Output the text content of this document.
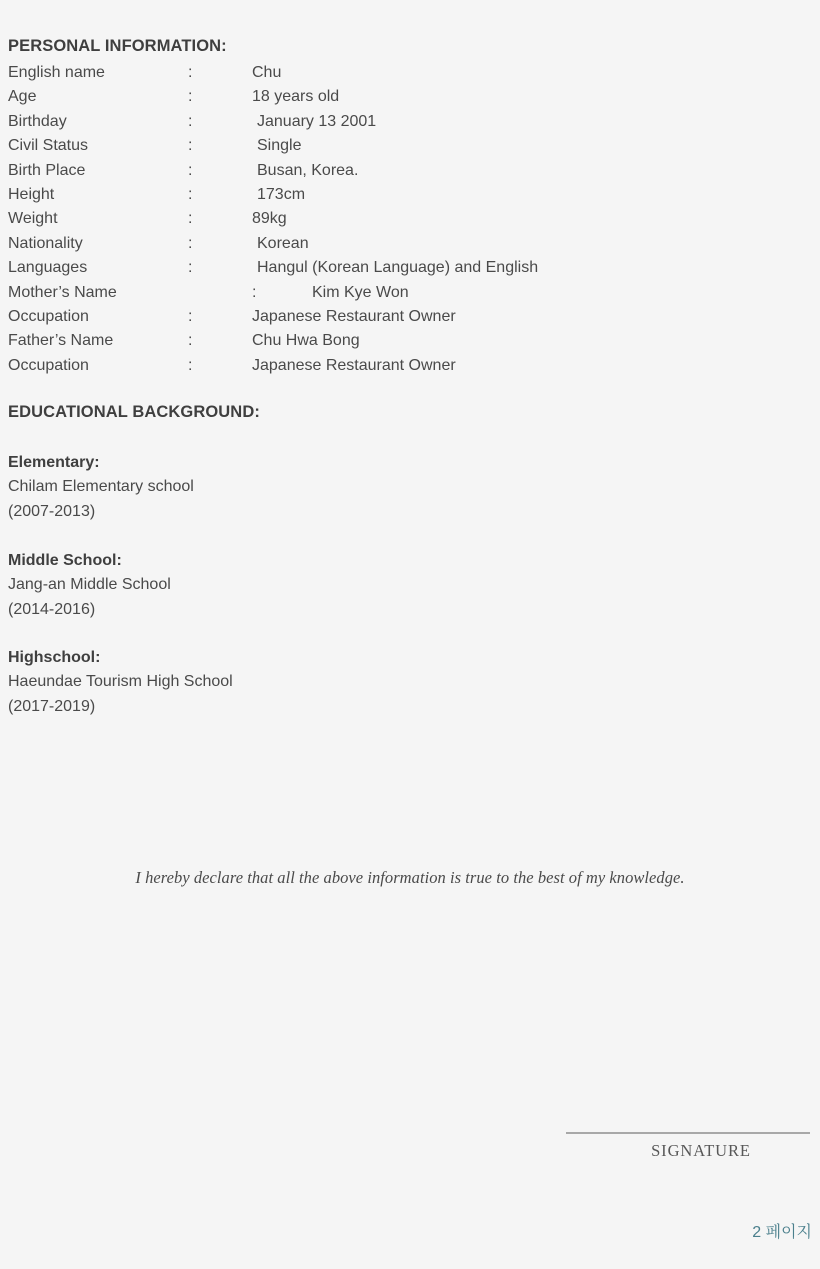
PERSONAL INFORMATION:
English name	:	Chu
Age	:	18 years old
Birthday	:	January 13 2001
Civil Status	:	Single
Birth Place	:	Busan, Korea.
Height	:	173cm
Weight	:	89kg
Nationality	:	Korean
Languages	:	Hangul (Korean Language) and English
Mother’s Name	:	Kim Kye Won
Occupation	:	Japanese Restaurant Owner
Father’s Name	:	Chu Hwa Bong
Occupation	:	Japanese Restaurant Owner
EDUCATIONAL BACKGROUND:
Elementary:
Chilam Elementary school
(2007-2013)
Middle School:
Jang-an Middle School
(2014-2016)
Highschool:
Haeundae Tourism High School
(2017-2019)
I hereby declare that all the above information is true to the best of my knowledge.
SIGNATURE
2 페이지
